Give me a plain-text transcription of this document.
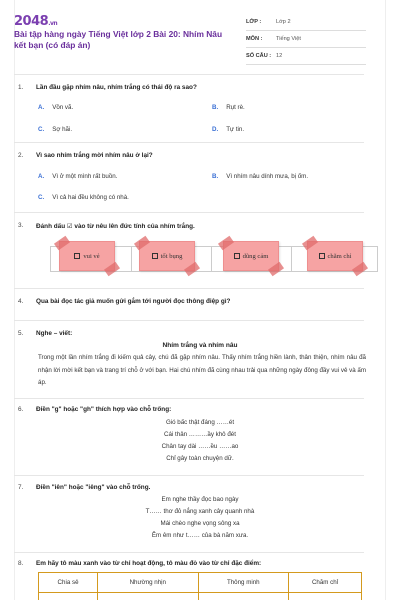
2048.vn
Bài tập hàng ngày Tiếng Việt lớp 2 Bài 20: Nhím Nâu kết bạn (có đáp án)
LỚP :	Lớp 2
MÔN :	Tiếng Việt
SỐ CÂU : 12
1. Lần đầu gặp nhím nâu, nhím trắng có thái độ ra sao?
A. Vồn vã.	B. Rụt rè.
C. Sợ hãi.	D. Tự tin.
2. Vì sao nhím trắng mời nhím nâu ở lại?
A. Vì ở một mình rất buồn.	B. Vì nhím nâu dính mưa, bị ốm.
C. Vì cả hai đều không có nhà.
3. Đánh dấu ☑ vào từ nêu lên đức tính của nhím trắng.
vui vẻ	tốt bụng	dũng cảm	chăm chỉ
4. Qua bài đọc tác giả muốn gửi gắm tới người đọc thông điệp gì?
5. Nghe – viết:
Nhím trắng và nhím nâu
Trong một lần nhím trắng đi kiếm quả cây, chú đã gặp nhím nâu. Thấy nhím trắng hiền lành, thân thiện, nhím nâu đã nhận lời mời kết bạn và trang trí chỗ ở với bạn. Hai chú nhím đã cùng nhau trải qua những ngày đông đầy vui vẻ và ấm áp.
6. Điền "g" hoặc "gh" thích hợp vào chỗ trống:
Gió bấc thật đáng ……ét
Cái thân ………ầy khô đét
Chân tay dài ……ều ……ao
Chỉ gây toàn chuyện dữ.
7. Điền "iên" hoặc "iêng" vào chỗ trống.
Em nghe thầy đọc bao ngày
T…… thơ đỏ nắng xanh cây quanh nhà
Mái chèo nghe vọng sông xa
Êm êm như t…… của bà năm xưa.
8. Em hãy tô màu xanh vào từ chỉ hoạt động, tô màu đỏ vào từ chỉ đặc điểm:
Chia sẻ	Nhường nhịn	Thông minh	Chăm chỉ
